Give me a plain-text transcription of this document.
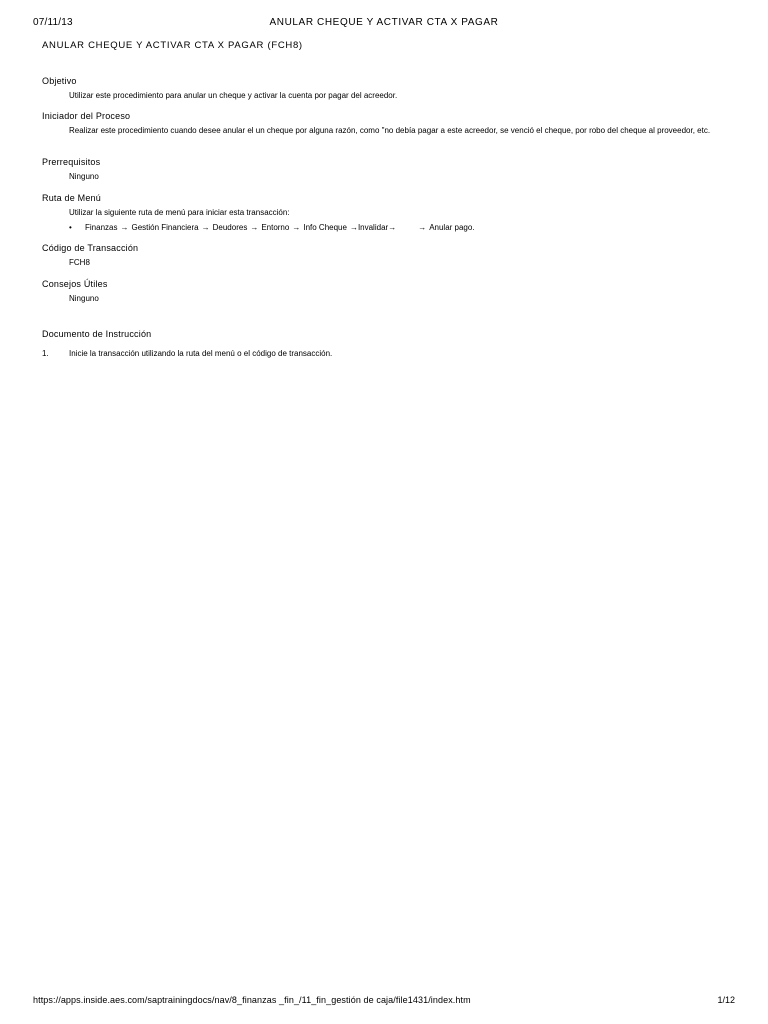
07/11/13	ANULAR CHEQUE Y ACTIVAR CTA X PAGAR
ANULAR CHEQUE Y ACTIVAR CTA X PAGAR (FCH8)
Objetivo
Utilizar este procedimiento para anular un cheque y activar la cuenta por pagar del acreedor.
Iniciador del Proceso
Realizar este procedimiento cuando desee anular el un cheque por alguna razón, como "no debía pagar a este acreedor, se venció el cheque, por robo del cheque al proveedor, etc.
Prerrequisitos
Ninguno
Ruta de Menú
Utilizar la siguiente ruta de menú para iniciar esta transacción:
• Finanzas → Gestión Financiera → Deudores → Entorno → Info Cheque →Invalidar→	→ Anular pago.
Código de Transacción
FCH8
Consejos Útiles
Ninguno
Documento de Instrucción
1.	Inicie la transacción utilizando la ruta del menú o el código de transacción.
https://apps.inside.aes.com/saptrainingdocs/nav/8_finanzas _fin_/11_fin_gestión de caja/file1431/index.htm	1/12
